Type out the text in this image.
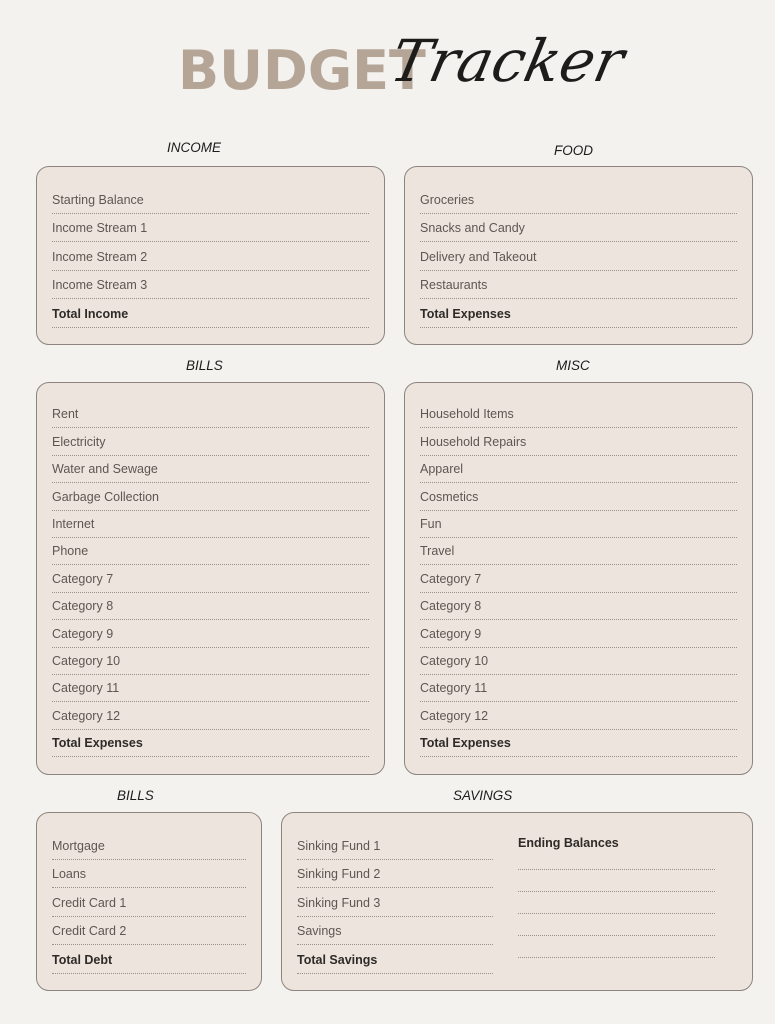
BUDGET
Tracker
INCOME
Starting Balance
Income Stream 1
Income Stream 2
Income Stream 3
Total Income
FOOD
Groceries
Snacks and Candy
Delivery and Takeout
Restaurants
Total Expenses
BILLS
Rent
Electricity
Water and Sewage
Garbage Collection
Internet
Phone
Category 7
Category 8
Category 9
Category 10
Category 11
Category 12
Total Expenses
MISC
Household Items
Household Repairs
Apparel
Cosmetics
Fun
Travel
Category 7
Category 8
Category 9
Category 10
Category 11
Category 12
Total Expenses
BILLS
Mortgage
Loans
Credit Card 1
Credit Card 2
Total Debt
SAVINGS
Sinking Fund 1
Sinking Fund 2
Sinking Fund 3
Savings
Total Savings
Ending Balances
